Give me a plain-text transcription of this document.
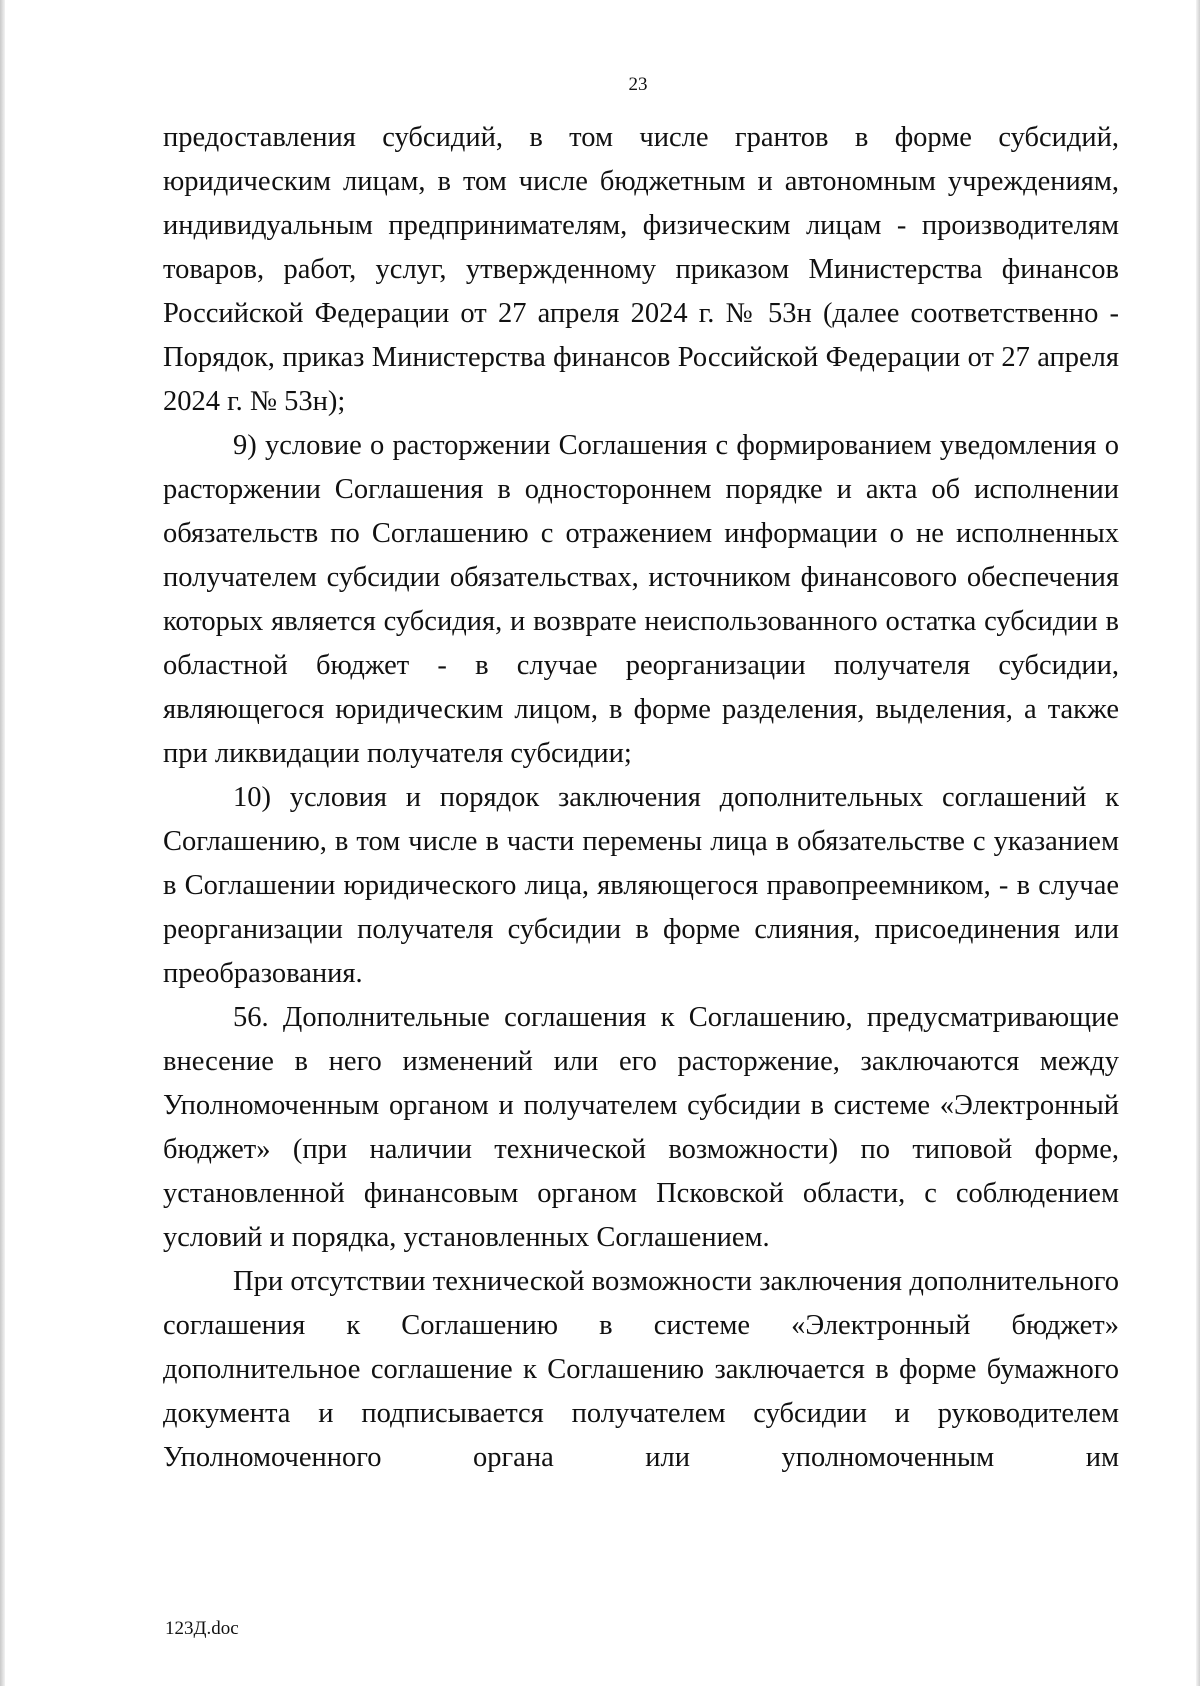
23

предоставления субсидий, в том числе грантов в форме субсидий, юридическим лицам, в том числе бюджетным и автономным учреждениям, индивидуальным предпринимателям, физическим лицам - производителям товаров, работ, услуг, утвержденному приказом Министерства финансов Российской Федерации от 27 апреля 2024 г. № 53н (далее соответственно - Порядок, приказ Министерства финансов Российской Федерации от 27 апреля 2024 г. № 53н);

9) условие о расторжении Соглашения с формированием уведомления о расторжении Соглашения в одностороннем порядке и акта об исполнении обязательств по Соглашению с отражением информации о не исполненных получателем субсидии обязательствах, источником финансового обеспечения которых является субсидия, и возврате неиспользованного остатка субсидии в областной бюджет - в случае реорганизации получателя субсидии, являющегося юридическим лицом, в форме разделения, выделения, а также при ликвидации получателя субсидии;

10) условия и порядок заключения дополнительных соглашений к Соглашению, в том числе в части перемены лица в обязательстве с указанием в Соглашении юридического лица, являющегося правопреемником, - в случае реорганизации получателя субсидии в форме слияния, присоединения или преобразования.

56. Дополнительные соглашения к Соглашению, предусматривающие внесение в него изменений или его расторжение, заключаются между Уполномоченным органом и получателем субсидии в системе «Электронный бюджет» (при наличии технической возможности) по типовой форме, установленной финансовым органом Псковской области, с соблюдением условий и порядка, установленных Соглашением.

При отсутствии технической возможности заключения дополнительного соглашения к Соглашению в системе «Электронный бюджет» дополнительное соглашение к Соглашению заключается в форме бумажного документа и подписывается получателем субсидии и руководителем Уполномоченного органа или уполномоченным им

123Д.doc
